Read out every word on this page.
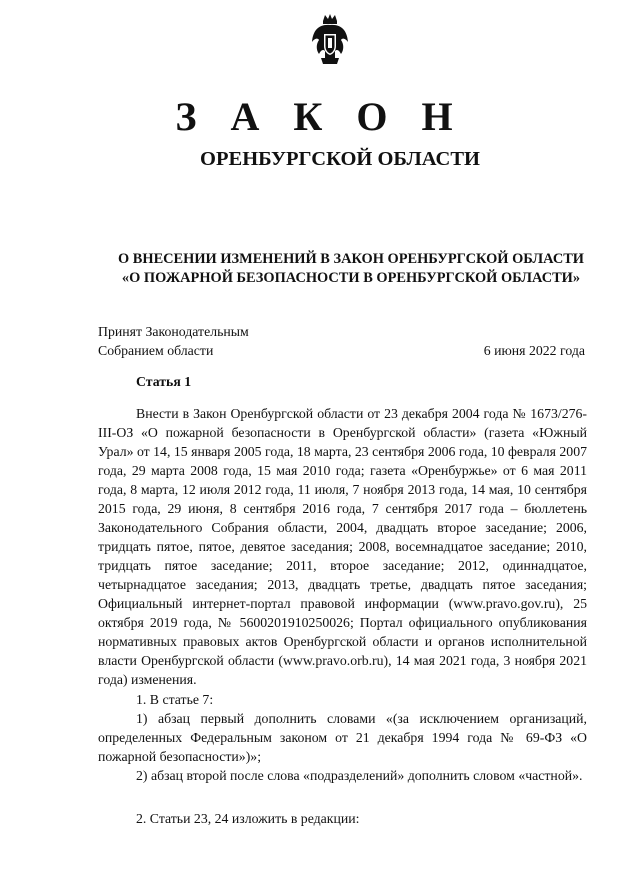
З А К О Н
ОРЕНБУРГСКОЙ ОБЛАСТИ
О ВНЕСЕНИИ ИЗМЕНЕНИЙ В ЗАКОН ОРЕНБУРГСКОЙ ОБЛАСТИ
«О ПОЖАРНОЙ БЕЗОПАСНОСТИ В ОРЕНБУРГСКОЙ ОБЛАСТИ»
Принят Законодательным
Собранием области	6 июня 2022 года
Статья 1
Внести в Закон Оренбургской области от 23 декабря 2004 года № 1673/276-III-ОЗ «О пожарной безопасности в Оренбургской области» (газета «Южный Урал» от 14, 15 января 2005 года, 18 марта, 23 сентября 2006 года, 10 февраля 2007 года, 29 марта 2008 года, 15 мая 2010 года; газета «Оренбуржье» от 6 мая 2011 года, 8 марта, 12 июля 2012 года, 11 июля, 7 ноября 2013 года, 14 мая, 10 сентября 2015 года, 29 июня, 8 сентября 2016 года, 7 сентября 2017 года – бюллетень Законодательного Собрания области, 2004, двадцать второе заседание; 2006, тридцать пятое, пятое, девятое заседания; 2008, восемнадцатое заседание; 2010, тридцать пятое заседание; 2011, второе заседание; 2012, одиннадцатое, четырнадцатое заседания; 2013, двадцать третье, двадцать пятое заседания; Официальный интернет-портал правовой информации (www.pravo.gov.ru), 25 октября 2019 года, № 5600201910250026; Портал официального опубликования нормативных правовых актов Оренбургской области и органов исполнительной власти Оренбургской области (www.pravo.orb.ru), 14 мая 2021 года, 3 ноября 2021 года) изменения.
1. В статье 7:
1) абзац первый дополнить словами «(за исключением организаций, определенных Федеральным законом от 21 декабря 1994 года № 69-ФЗ «О пожарной безопасности»)»;
2) абзац второй после слова «подразделений» дополнить словом «частной».
2. Статьи 23, 24 изложить в редакции:
